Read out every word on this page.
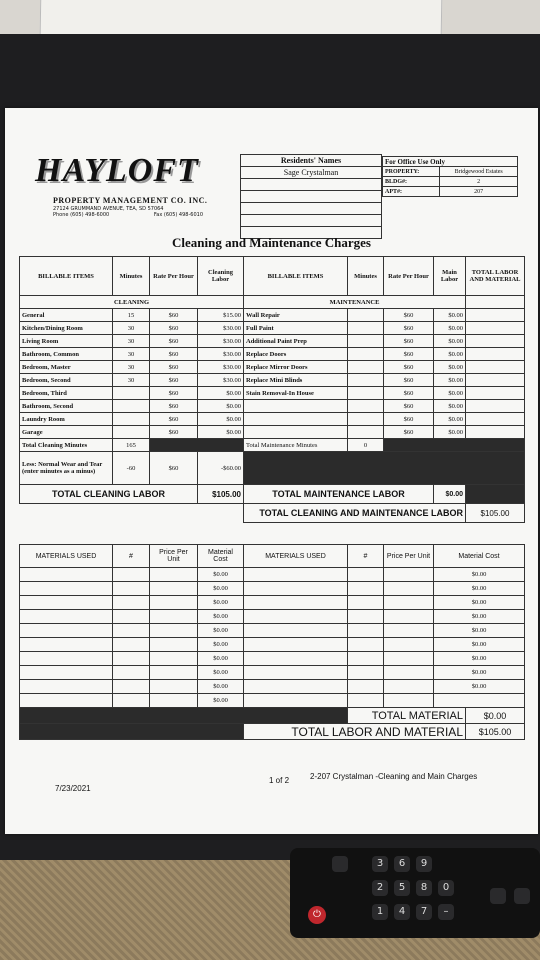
⏻
3	6	9
2	5	8	0
1	4	7	–
HAYLOFT
PROPERTY MANAGEMENT CO. INC.
27124 GRUMMAND AVENUE, TEA, SD 57064
Phone (605) 498-6000	Fax (605) 498-6010
Residents' Names
Sage Crystalman

For Office Use Only	
PROPERTY:	Bridgewood Estates
BLDG#:	2
APT#:	207
Cleaning and Maintenance Charges
BILLABLE ITEMS	Minutes	Rate Per Hour	Cleaning Labor	BILLABLE ITEMS	Minutes	Rate Per Hour	Main Labor	TOTAL LABOR AND MATERIAL
CLEANING				MAINTENANCE				
General	15	$60	$15.00	Wall Repair		$60	$0.00	
Kitchen/Dining Room	30	$60	$30.00	Full Paint		$60	$0.00	
Living Room	30	$60	$30.00	Additional Paint Prep		$60	$0.00	
Bathroom, Common	30	$60	$30.00	Replace Doors		$60	$0.00	
Bedroom, Master	30	$60	$30.00	Replace Mirror Doors		$60	$0.00	
Bedroom, Second	30	$60	$30.00	Replace Mini Blinds		$60	$0.00	
Bedroom, Third		$60	$0.00	Stain Removal-In House		$60	$0.00	
Bathroom, Second		$60	$0.00			$60	$0.00	
Laundry Room		$60	$0.00			$60	$0.00	
Garage		$60	$0.00			$60	$0.00	
Total Cleaning Minutes	165			Total Maintenance Minutes	0			
Less: Normal Wear and Tear (enter minutes as a minus)	-60	$60	-$60.00					
TOTAL CLEANING LABOR			$105.00	TOTAL MAINTENANCE LABOR			$0.00	
				TOTAL CLEANING AND MAINTENANCE LABOR				$105.00
MATERIALS USED	#	Price Per Unit	Material Cost	MATERIALS USED	#	Price Per Unit	Material Cost	
			$0.00				$0.00	
			$0.00				$0.00	
			$0.00				$0.00	
			$0.00				$0.00	
			$0.00				$0.00	
			$0.00				$0.00	
			$0.00				$0.00	
			$0.00				$0.00	
			$0.00				$0.00	
			$0.00					
					TOTAL MATERIAL			$0.00
				TOTAL LABOR AND MATERIAL				$105.00
7/23/2021
1 of 2	2-207 Crystalman -Cleaning and Main Charges
